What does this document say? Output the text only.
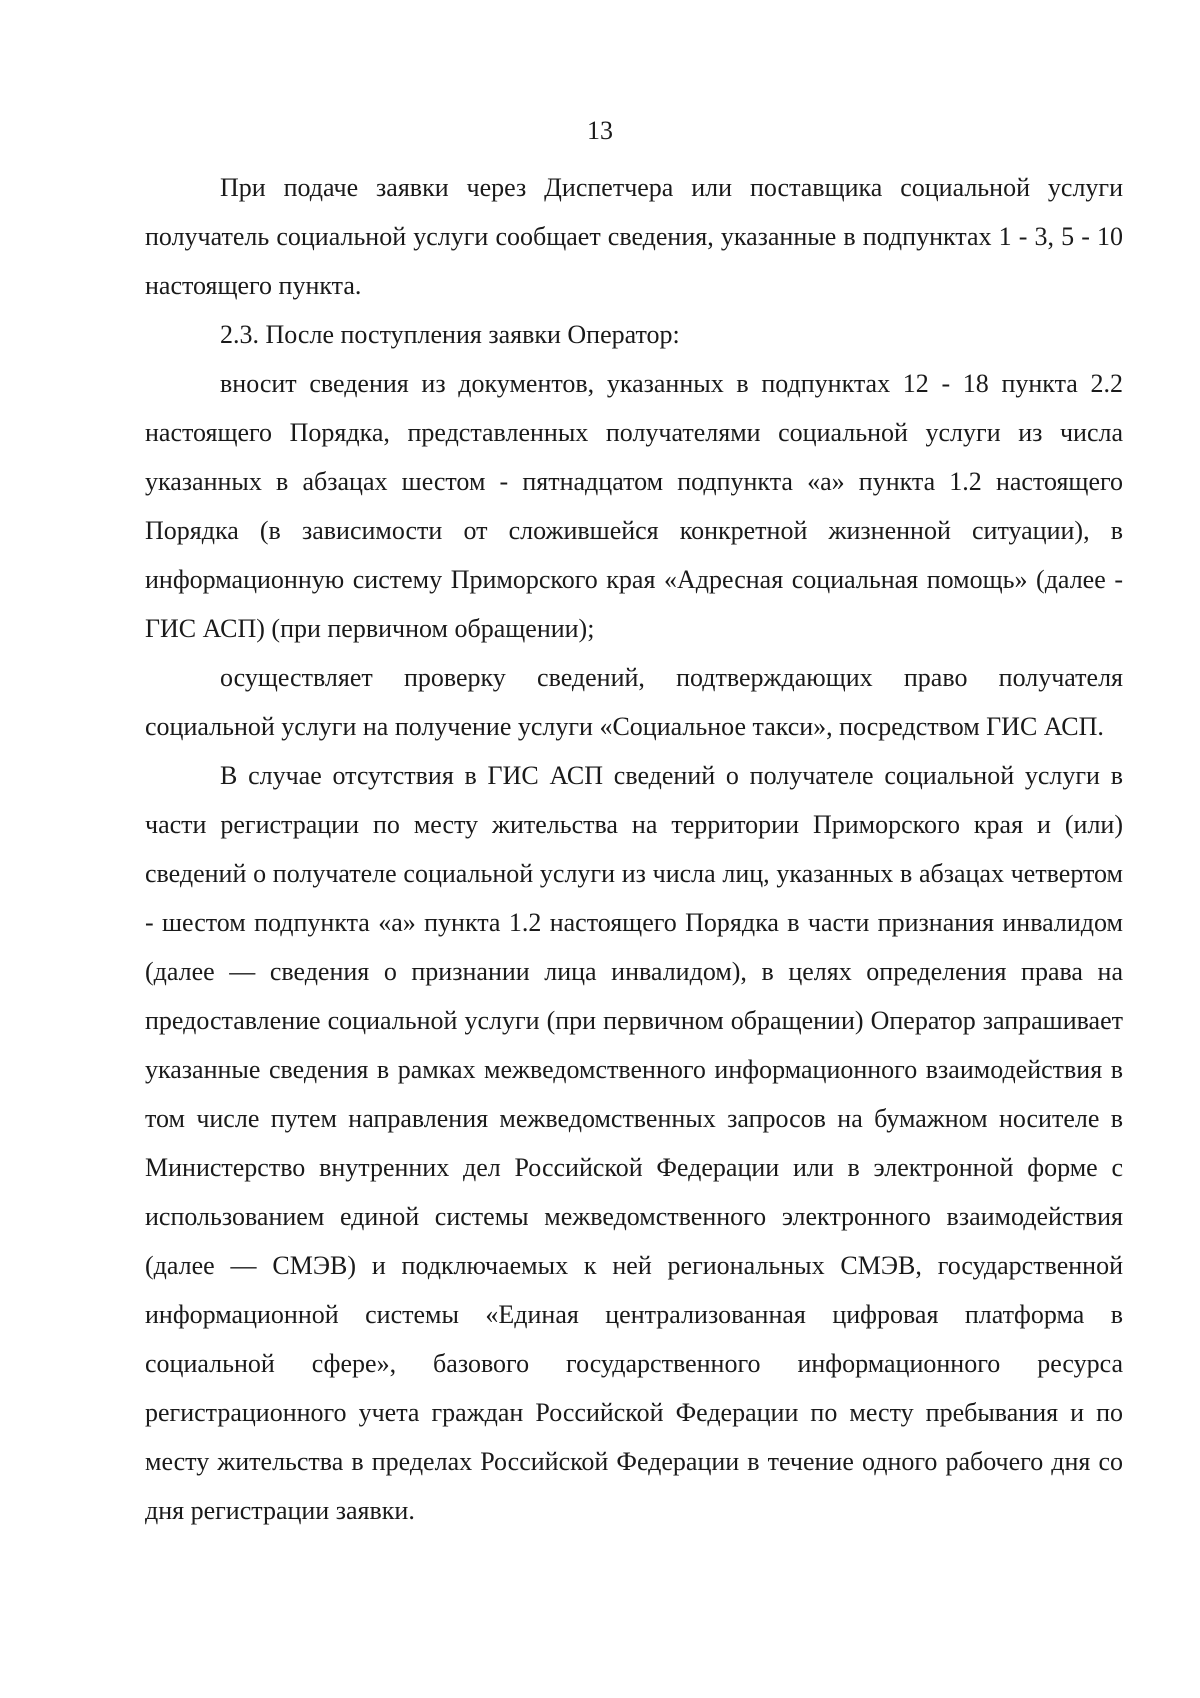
13

При подаче заявки через Диспетчера или поставщика социальной услуги получатель социальной услуги сообщает сведения, указанные в подпунктах 1 - 3, 5 - 10 настоящего пункта.

2.3. После поступления заявки Оператор:

вносит сведения из документов, указанных в подпунктах 12 - 18 пункта 2.2 настоящего Порядка, представленных получателями социальной услуги из числа указанных в абзацах шестом - пятнадцатом подпункта «а» пункта 1.2 настоящего Порядка (в зависимости от сложившейся конкретной жизненной ситуации), в информационную систему Приморского края «Адресная социальная помощь» (далее - ГИС АСП) (при первичном обращении);

осуществляет проверку сведений, подтверждающих право получателя социальной услуги на получение услуги «Социальное такси», посредством ГИС АСП.

В случае отсутствия в ГИС АСП сведений о получателе социальной услуги в части регистрации по месту жительства на территории Приморского края и (или) сведений о получателе социальной услуги из числа лиц, указанных в абзацах четвертом - шестом подпункта «а» пункта 1.2 настоящего Порядка в части признания инвалидом (далее — сведения о признании лица инвалидом), в целях определения права на предоставление социальной услуги (при первичном обращении) Оператор запрашивает указанные сведения в рамках межведомственного информационного взаимодействия в том числе путем направления межведомственных запросов на бумажном носителе в Министерство внутренних дел Российской Федерации или в электронной форме с использованием единой системы межведомственного электронного взаимодействия (далее — СМЭВ) и подключаемых к ней региональных СМЭВ, государственной информационной системы «Единая централизованная цифровая платформа в социальной сфере», базового государственного информационного ресурса регистрационного учета граждан Российской Федерации по месту пребывания и по месту жительства в пределах Российской Федерации в течение одного рабочего дня со дня регистрации заявки.
